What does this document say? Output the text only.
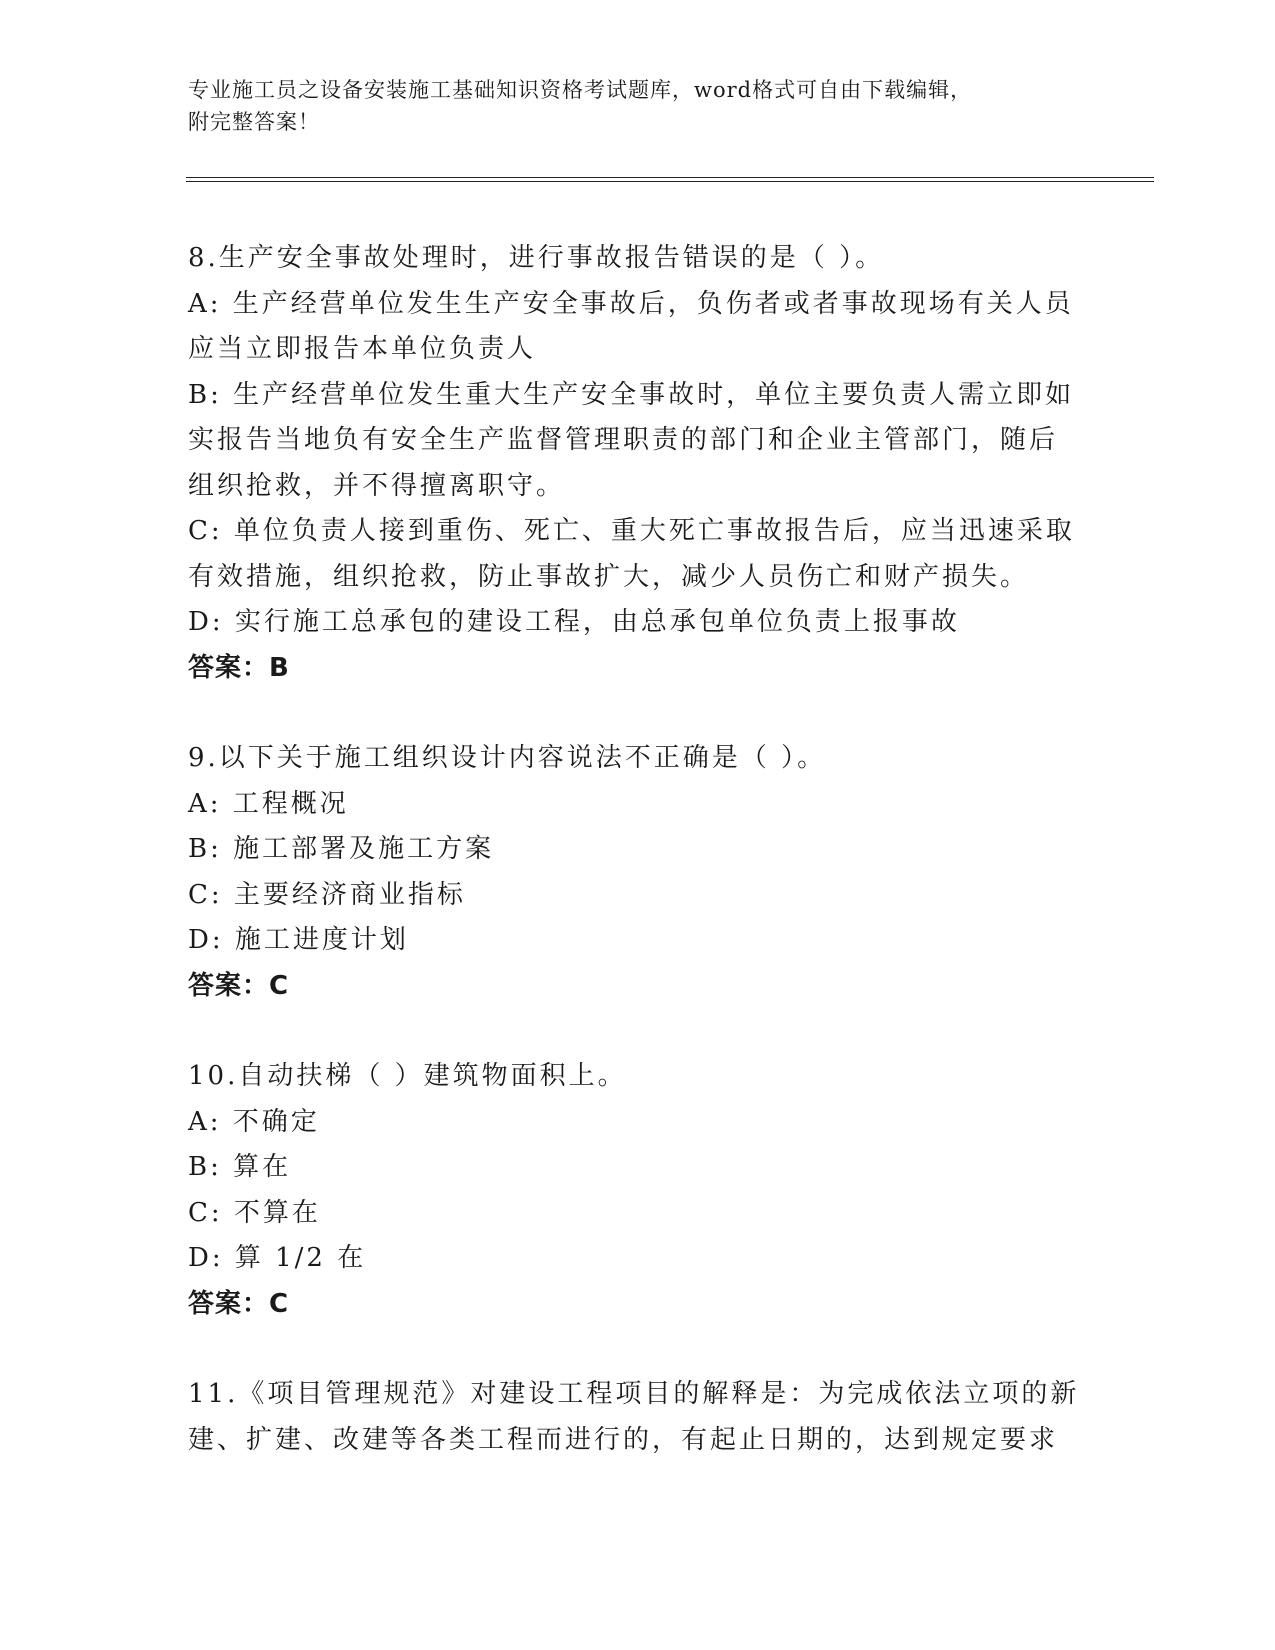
专业施工员之设备安装施工基础知识资格考试题库，word格式可自由下载编辑，
附完整答案！
8.生产安全事故处理时，进行事故报告错误的是（ ）。
A: 生产经营单位发生生产安全事故后，负伤者或者事故现场有关人员
应当立即报告本单位负责人
B: 生产经营单位发生重大生产安全事故时，单位主要负责人需立即如
实报告当地负有安全生产监督管理职责的部门和企业主管部门，随后
组织抢救，并不得擅离职守。
C: 单位负责人接到重伤、死亡、重大死亡事故报告后，应当迅速采取
有效措施，组织抢救，防止事故扩大，减少人员伤亡和财产损失。
D: 实行施工总承包的建设工程，由总承包单位负责上报事故
答案：B
9.以下关于施工组织设计内容说法不正确是（ ）。
A: 工程概况
B: 施工部署及施工方案
C: 主要经济商业指标
D: 施工进度计划
答案：C
10.自动扶梯（ ）建筑物面积上。
A: 不确定
B: 算在
C: 不算在
D: 算 1/2 在
答案：C
11.《项目管理规范》对建设工程项目的解释是：为完成依法立项的新
建、扩建、改建等各类工程而进行的，有起止日期的，达到规定要求
